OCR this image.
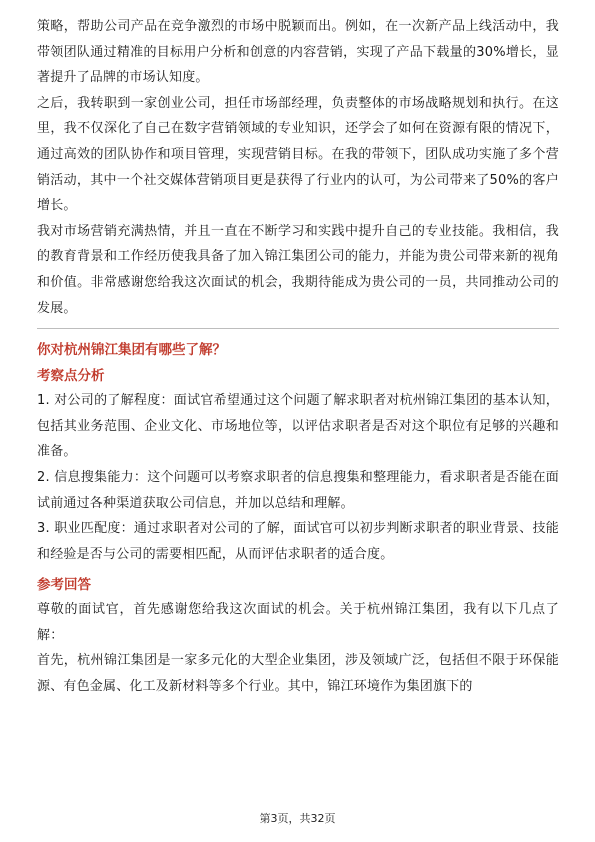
策略，帮助公司产品在竞争激烈的市场中脱颖而出。例如，在一次新产品上线活动中，我带领团队通过精准的目标用户分析和创意的内容营销，实现了产品下载量的30%增长，显著提升了品牌的市场认知度。

之后，我转职到一家创业公司，担任市场部经理，负责整体的市场战略规划和执行。在这里，我不仅深化了自己在数字营销领域的专业知识，还学会了如何在资源有限的情况下，通过高效的团队协作和项目管理，实现营销目标。在我的带领下，团队成功实施了多个营销活动，其中一个社交媒体营销项目更是获得了行业内的认可，为公司带来了50%的客户增长。

我对市场营销充满热情，并且一直在不断学习和实践中提升自己的专业技能。我相信，我的教育背景和工作经历使我具备了加入锦江集团公司的能力，并能为贵公司带来新的视角和价值。非常感谢您给我这次面试的机会，我期待能成为贵公司的一员，共同推动公司的发展。

你对杭州锦江集团有哪些了解？
考察点分析

1. 对公司的了解程度：面试官希望通过这个问题了解求职者对杭州锦江集团的基本认知，包括其业务范围、企业文化、市场地位等，以评估求职者是否对这个职位有足够的兴趣和准备。

2. 信息搜集能力：这个问题可以考察求职者的信息搜集和整理能力，看求职者是否能在面试前通过各种渠道获取公司信息，并加以总结和理解。

3. 职业匹配度：通过求职者对公司的了解，面试官可以初步判断求职者的职业背景、技能和经验是否与公司的需要相匹配，从而评估求职者的适合度。

参考回答

尊敬的面试官，首先感谢您给我这次面试的机会。关于杭州锦江集团，我有以下几点了解：

首先，杭州锦江集团是一家多元化的大型企业集团，涉及领域广泛，包括但不限于环保能源、有色金属、化工及新材料等多个行业。其中，锦江环境作为集团旗下的

第3页，共32页
